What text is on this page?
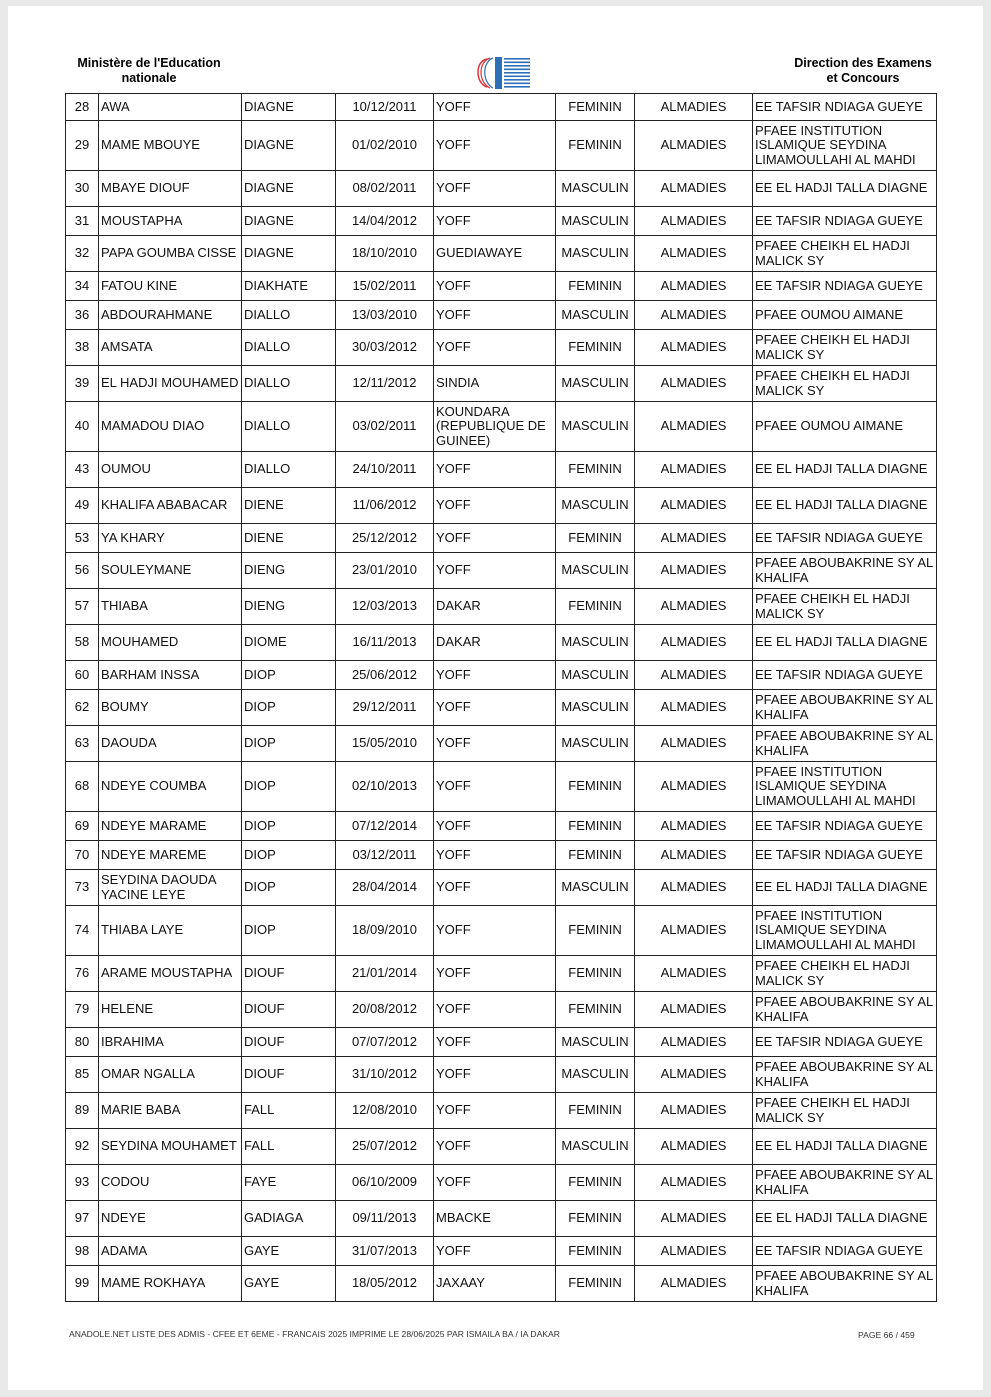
Ministère de l'Education
nationale
Direction des Examens
et Concours
28	AWA	DIAGNE	10/12/2011	YOFF	FEMININ	ALMADIES	EE TAFSIR NDIAGA GUEYE
29	MAME MBOUYE	DIAGNE	01/02/2010	YOFF	FEMININ	ALMADIES	PFAEE INSTITUTION ISLAMIQUE SEYDINA LIMAMOULLAHI AL MAHDI
30	MBAYE DIOUF	DIAGNE	08/02/2011	YOFF	MASCULIN	ALMADIES	EE EL HADJI TALLA DIAGNE
31	MOUSTAPHA	DIAGNE	14/04/2012	YOFF	MASCULIN	ALMADIES	EE TAFSIR NDIAGA GUEYE
32	PAPA GOUMBA CISSE	DIAGNE	18/10/2010	GUEDIAWAYE	MASCULIN	ALMADIES	PFAEE CHEIKH EL HADJI MALICK SY
34	FATOU KINE	DIAKHATE	15/02/2011	YOFF	FEMININ	ALMADIES	EE TAFSIR NDIAGA GUEYE
36	ABDOURAHMANE	DIALLO	13/03/2010	YOFF	MASCULIN	ALMADIES	PFAEE OUMOU AIMANE
38	AMSATA	DIALLO	30/03/2012	YOFF	FEMININ	ALMADIES	PFAEE CHEIKH EL HADJI MALICK SY
39	EL HADJI MOUHAMED	DIALLO	12/11/2012	SINDIA	MASCULIN	ALMADIES	PFAEE CHEIKH EL HADJI MALICK SY
40	MAMADOU DIAO	DIALLO	03/02/2011	KOUNDARA (REPUBLIQUE DE GUINEE)	MASCULIN	ALMADIES	PFAEE OUMOU AIMANE
43	OUMOU	DIALLO	24/10/2011	YOFF	FEMININ	ALMADIES	EE EL HADJI TALLA DIAGNE
49	KHALIFA ABABACAR	DIENE	11/06/2012	YOFF	MASCULIN	ALMADIES	EE EL HADJI TALLA DIAGNE
53	YA KHARY	DIENE	25/12/2012	YOFF	FEMININ	ALMADIES	EE TAFSIR NDIAGA GUEYE
56	SOULEYMANE	DIENG	23/01/2010	YOFF	MASCULIN	ALMADIES	PFAEE ABOUBAKRINE SY AL KHALIFA
57	THIABA	DIENG	12/03/2013	DAKAR	FEMININ	ALMADIES	PFAEE CHEIKH EL HADJI MALICK SY
58	MOUHAMED	DIOME	16/11/2013	DAKAR	MASCULIN	ALMADIES	EE EL HADJI TALLA DIAGNE
60	BARHAM INSSA	DIOP	25/06/2012	YOFF	MASCULIN	ALMADIES	EE TAFSIR NDIAGA GUEYE
62	BOUMY	DIOP	29/12/2011	YOFF	MASCULIN	ALMADIES	PFAEE ABOUBAKRINE SY AL KHALIFA
63	DAOUDA	DIOP	15/05/2010	YOFF	MASCULIN	ALMADIES	PFAEE ABOUBAKRINE SY AL KHALIFA
68	NDEYE COUMBA	DIOP	02/10/2013	YOFF	FEMININ	ALMADIES	PFAEE INSTITUTION ISLAMIQUE SEYDINA LIMAMOULLAHI AL MAHDI
69	NDEYE MARAME	DIOP	07/12/2014	YOFF	FEMININ	ALMADIES	EE TAFSIR NDIAGA GUEYE
70	NDEYE MAREME	DIOP	03/12/2011	YOFF	FEMININ	ALMADIES	EE TAFSIR NDIAGA GUEYE
73	SEYDINA DAOUDA YACINE LEYE	DIOP	28/04/2014	YOFF	MASCULIN	ALMADIES	EE EL HADJI TALLA DIAGNE
74	THIABA LAYE	DIOP	18/09/2010	YOFF	FEMININ	ALMADIES	PFAEE INSTITUTION ISLAMIQUE SEYDINA LIMAMOULLAHI AL MAHDI
76	ARAME MOUSTAPHA	DIOUF	21/01/2014	YOFF	FEMININ	ALMADIES	PFAEE CHEIKH EL HADJI MALICK SY
79	HELENE	DIOUF	20/08/2012	YOFF	FEMININ	ALMADIES	PFAEE ABOUBAKRINE SY AL KHALIFA
80	IBRAHIMA	DIOUF	07/07/2012	YOFF	MASCULIN	ALMADIES	EE TAFSIR NDIAGA GUEYE
85	OMAR NGALLA	DIOUF	31/10/2012	YOFF	MASCULIN	ALMADIES	PFAEE ABOUBAKRINE SY AL KHALIFA
89	MARIE BABA	FALL	12/08/2010	YOFF	FEMININ	ALMADIES	PFAEE CHEIKH EL HADJI MALICK SY
92	SEYDINA MOUHAMET	FALL	25/07/2012	YOFF	MASCULIN	ALMADIES	EE EL HADJI TALLA DIAGNE
93	CODOU	FAYE	06/10/2009	YOFF	FEMININ	ALMADIES	PFAEE ABOUBAKRINE SY AL KHALIFA
97	NDEYE	GADIAGA	09/11/2013	MBACKE	FEMININ	ALMADIES	EE EL HADJI TALLA DIAGNE
98	ADAMA	GAYE	31/07/2013	YOFF	FEMININ	ALMADIES	EE TAFSIR NDIAGA GUEYE
99	MAME ROKHAYA	GAYE	18/05/2012	JAXAAY	FEMININ	ALMADIES	PFAEE ABOUBAKRINE SY AL KHALIFA
ANADOLE.NET LISTE DES ADMIS - CFEE ET 6EME - FRANCAIS 2025 IMPRIME LE 28/06/2025 PAR ISMAILA BA / IA DAKAR	PAGE 66 / 459
